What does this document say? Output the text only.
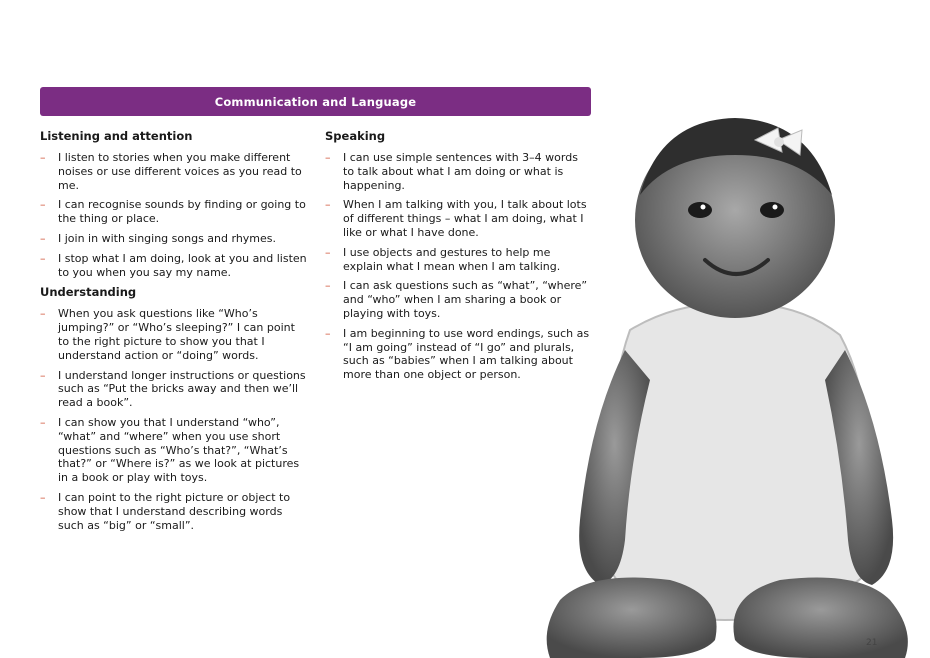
Communication and Language
Listening and attention
– I listen to stories when you make different noises or use different voices as you read to me.
– I can recognise sounds by finding or going to the thing or place.
– I join in with singing songs and rhymes.
– I stop what I am doing, look at you and listen to you when you say my name.
Understanding
– When you ask questions like “Who’s jumping?” or “Who’s sleeping?” I can point to the right picture to show you that I understand action or “doing” words.
– I understand longer instructions or questions such as “Put the bricks away and then we’ll read a book”.
– I can show you that I understand “who”, “what” and “where” when you use short questions such as “Who’s that?”, “What’s that?” or “Where is?” as we look at pictures in a book or play with toys.
– I can point to the right picture or object to show that I understand describing words such as “big” or “small”.
Speaking
– I can use simple sentences with 3–4 words to talk about what I am doing or what is happening.
– When I am talking with you, I talk about lots of different things – what I am doing, what I like or what I have done.
– I use objects and gestures to help me explain what I mean when I am talking.
– I can ask questions such as “what”, “where” and “who” when I am sharing a book or playing with toys.
– I am beginning to use word endings, such as “I am going” instead of “I go” and plurals, such as “babies” when I am talking about more than one object or person.
21
